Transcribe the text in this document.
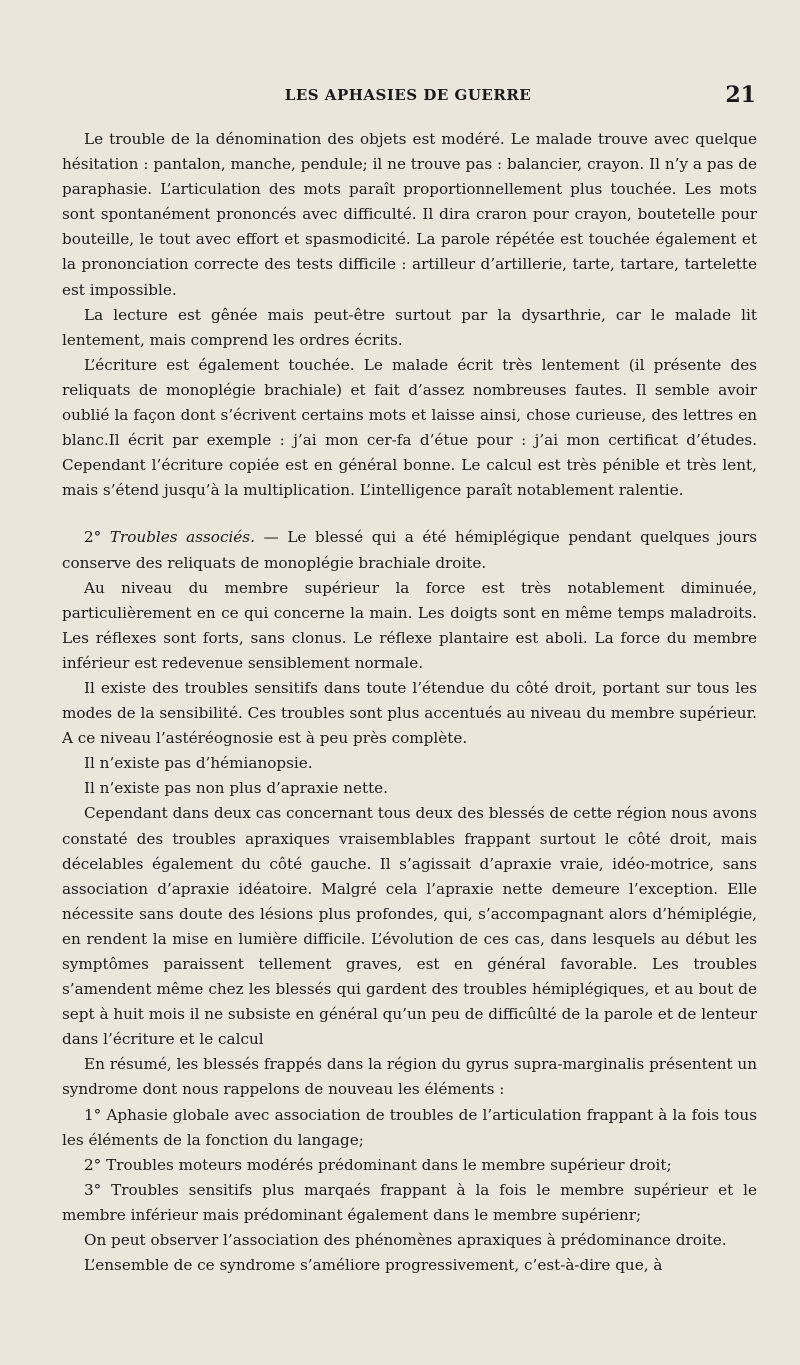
LES APHASIES DE GUERRE	21

Le trouble de la dénomination des objets est modéré. Le malade trouve avec quelque hésitation : pantalon, manche, pendule; il ne trouve pas : balancier, crayon. Il n’y a pas de paraphasie. L’articulation des mots paraît proportionnellement plus touchée. Les mots sont spontanément prononcés avec difficulté. Il dira craron pour crayon, boutetelle pour bouteille, le tout avec effort et spasmodicité. La parole répétée est touchée également et la prononciation correcte des tests difficile : artilleur d’artillerie, tarte, tartare, tartelette est impossible.

La lecture est gênée mais peut-être surtout par la dysarthrie, car le malade lit lentement, mais comprend les ordres écrits.

L’écriture est également touchée. Le malade écrit très lentement (il présente des reliquats de monoplégie brachiale) et fait d’assez nombreuses fautes. Il semble avoir oublié la façon dont s’écrivent certains mots et laisse ainsi, chose curieuse, des lettres en blanc.Il écrit par exemple : j’ai mon cer-fa d’étue pour : j’ai mon certificat d’études. Cependant l’écriture copiée est en général bonne. Le calcul est très pénible et très lent, mais s’étend jusqu’à la multiplication. L’intelligence paraît notablement ralentie.

2° Troubles associés. — Le blessé qui a été hémiplégique pendant quelques jours conserve des reliquats de monoplégie brachiale droite.

Au niveau du membre supérieur la force est très notablement diminuée, particulièrement en ce qui concerne la main. Les doigts sont en même temps maladroits. Les réflexes sont forts, sans clonus. Le réflexe plantaire est aboli. La force du membre inférieur est redevenue sensiblement normale.

Il existe des troubles sensitifs dans toute l’étendue du côté droit, portant sur tous les modes de la sensibilité. Ces troubles sont plus accentués au niveau du membre supérieur. A ce niveau l’astéréognosie est à peu près complète.

Il n’existe pas d’hémianopsie.

Il n’existe pas non plus d’apraxie nette.

Cependant dans deux cas concernant tous deux des blessés de cette région nous avons constaté des troubles apraxiques vraisemblables frappant surtout le côté droit, mais décelables également du côté gauche. Il s’agissait d’apraxie vraie, idéo-motrice, sans association d’apraxie idéatoire. Malgré cela l’apraxie nette demeure l’exception. Elle nécessite sans doute des lésions plus profondes, qui, s’accompagnant alors d’hémiplégie, en rendent la mise en lumière difficile. L’évolution de ces cas, dans lesquels au début les symptômes paraissent tellement graves, est en général favorable. Les troubles s’amendent même chez les blessés qui gardent des troubles hémiplégiques, et au bout de sept à huit mois il ne subsiste en général qu’un peu de difficûlté de la parole et de lenteur dans l’écriture et le calcul

En résumé, les blessés frappés dans la région du gyrus supra-marginalis présentent un syndrome dont nous rappelons de nouveau les éléments :

1° Aphasie globale avec association de troubles de l’articulation frappant à la fois tous les éléments de la fonction du langage;

2° Troubles moteurs modérés prédominant dans le membre supérieur droit;

3° Troubles sensitifs plus marqaés frappant à la fois le membre supérieur et le membre inférieur mais prédominant également dans le membre supérienr;

On peut observer l’association des phénomènes apraxiques à prédominance droite.

L’ensemble de ce syndrome s’améliore progressivement, c’est-à-dire que, à
